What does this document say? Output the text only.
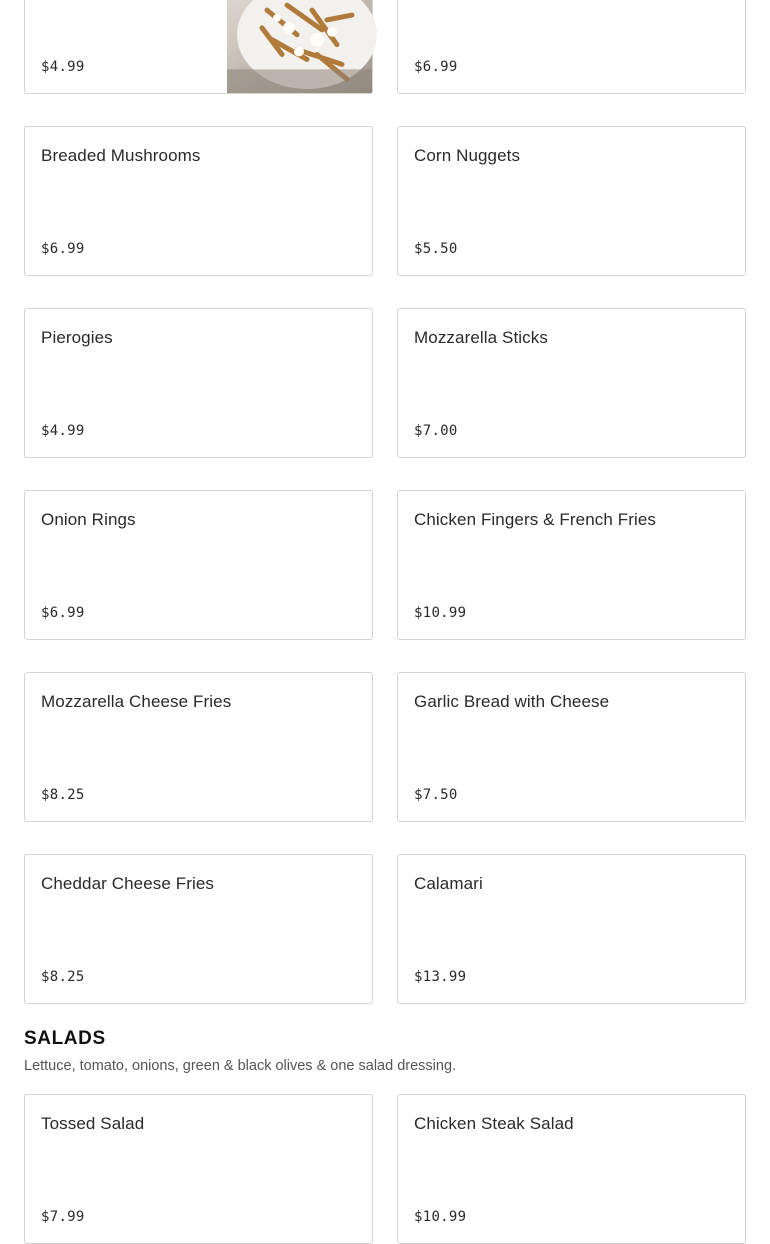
$4.99	$6.99
Breaded Mushrooms
$6.99
Corn Nuggets
$5.50
Pierogies
$4.99
Mozzarella Sticks
$7.00
Onion Rings
$6.99
Chicken Fingers & French Fries
$10.99
Mozzarella Cheese Fries
$8.25
Garlic Bread with Cheese
$7.50
Cheddar Cheese Fries
$8.25
Calamari
$13.99
SALADS

Lettuce, tomato, onions, green & black olives & one salad dressing.

Tossed Salad
$7.99
Chicken Steak Salad
$10.99
